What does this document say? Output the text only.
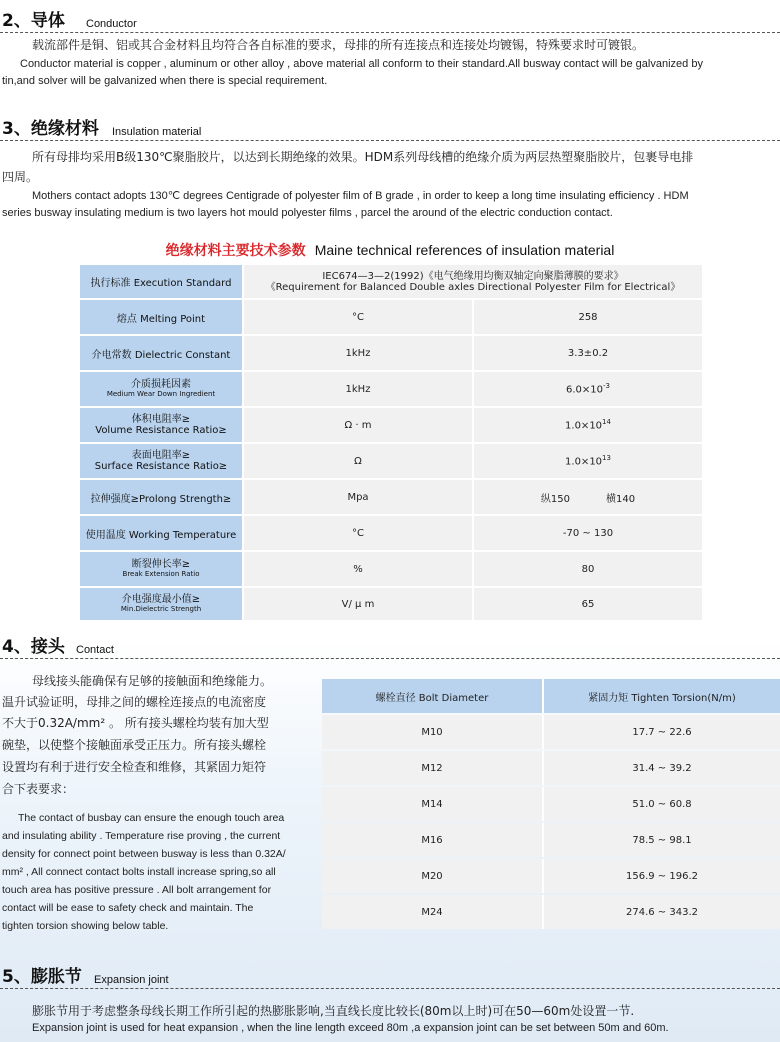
2、导体 Conductor
载流部件是铜、铝或其合金材料且均符合各自标准的要求，母排的所有连接点和连接处均镀锡，特殊要求时可镀银。
Conductor material is copper , aluminum or other alloy , above material all conform to their standard.All busway contact will be galvanized by
tin,and solver will be galvanized when there is special requirement.
3、绝缘材料 Insulation material
所有母排均采用B级130℃聚脂胶片，以达到长期绝缘的效果。HDM系列母线槽的绝缘介质为两层热塑聚脂胶片，包裹导电排
四周。
Mothers contact adopts 130℃ degrees Centigrade of polyester film of B grade , in order to keep a long time insulating efficiency . HDM
series busway insulating medium is two layers hot mould polyester films , parcel the around of the electric conduction contact.
绝缘材料主要技术参数 Maine technical references of insulation material
执行标准 Execution Standard	IEC674—3—2(1992)《电气绝缘用均衡双轴定向聚脂薄膜的要求》
《Requirement for Balanced Double axles Directional Polyester Film for Electrical》	

熔点 Melting Point	°C	258
介电常数 Dielectric Constant	1kHz	3.3±0.2

介质损耗因素
Medium Wear Down Ingredient	1kHz	$6.0\times 10^{-3}$

体积电阻率≥
Volume Resistance Ratio≥	Ω · m	$1.0\times 10^{14}$

表面电阻率≥
Surface Resistance Ratio≥	Ω	$1.0\times 10^{13}$
拉伸强度≥Prolong Strength≥	Mpa	纵150 横140
使用温度 Working Temperature	°C	-70 ~ 130

断裂伸长率≥
Break Extension Ratio	%	80

介电强度最小值≥
Min.Dielectric Strength	V/ μ m	65
4、接头 Contact
母线接头能确保有足够的接触面和绝缘能力。
温升试验证明，母排之间的螺栓连接点的电流密度
不大于0.32A/mm² 。 所有接头螺栓均装有加大型
碗垫，以使整个接触面承受正压力。所有接头螺栓
设置均有利于进行安全检查和维修，其紧固力矩符
合下表要求：
The contact of busbay can ensure the enough touch area
and insulating ability . Temperature rise proving , the current
density for connect point between busway is less than 0.32A/
mm² , All connect contact bolts install increase spring,so all
touch area has positive pressure . All bolt arrangement for
contact will be ease to safety check and maintain. The
tighten torsion showing below table.
螺栓直径 Bolt Diameter	紧固力矩 Tighten Torsion(N/m)
M10	17.7 ~ 22.6
M12	31.4 ~ 39.2
M14	51.0 ~ 60.8
M16	78.5 ~ 98.1
M20	156.9 ~ 196.2
M24	274.6 ~ 343.2
5、膨胀节 Expansion joint
膨胀节用于考虑整条母线长期工作所引起的热膨胀影响,当直线长度比较长(80m以上时)可在50—60m处设置一节.
Expansion joint is used for heat expansion , when the line length exceed 80m ,a expansion joint can be set between 50m and 60m.
